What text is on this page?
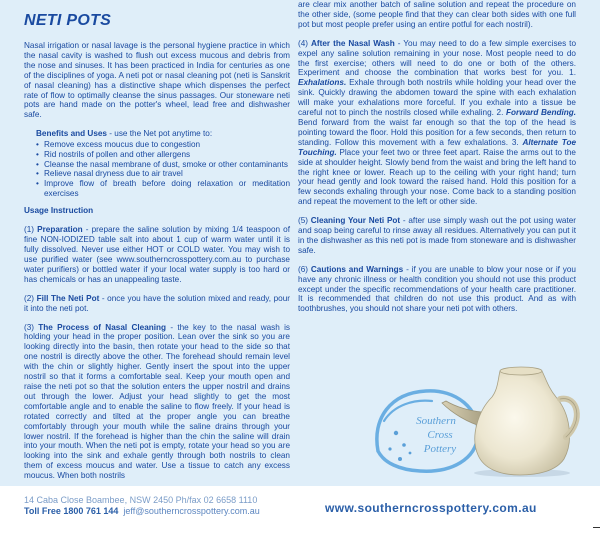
NETI POTS

Nasal irrigation or nasal lavage is the personal hygiene practice in which the nasal cavity is washed to flush out excess mucous and debris from the nose and sinuses. It has been practiced in India for centuries as one of the disciplines of yoga. A neti pot or nasal cleaning pot (neti is Sanskrit of nasal cleaning) has a distinctive shape which dispenses the perfect rate of flow to optimally cleanse the sinus passages. Our stoneware neti pots are hand made on the potter's wheel, lead free and dishwasher safe.

Benefits and Uses - use the Net pot anytime to:
• Remove excess moucus due to congestion
• Rid nostrils of pollen and other allergens
• Cleanse the nasal membrane of dust, smoke or other contaminants
• Relieve nasal dryness due to air travel
• Improve flow of breath before doing relaxation or meditation exercises
Usage Instruction

(1) Preparation - prepare the saline solution by mixing 1/4 teaspoon of fine NON-IODIZED table salt into about 1 cup of warm water until it is fully dissolved. Never use either HOT or COLD water. You may wish to use purified water (see www.southerncrosspottery.com.au to purchase water purifiers) or bottled water if your local water supply is too hard or has chemicals or has an unappealing taste.

(2) Fill The Neti Pot - once you have the solution mixed and ready, pour it into the neti pot.

(3) The Process of Nasal Cleaning - the key to the nasal wash is holding your head in the proper position. Lean over the sink so you are looking directly into the basin, then rotate your head to the side so that one nostril is directly above the other. The forehead should remain level with the chin or slightly higher. Gently insert the spout into the upper nostril so that it forms a comfortable seal. Keep your mouth open and raise the neti pot so that the solution enters the upper nostril and drains out through the lower. Adjust your head slightly to get the most comfortable angle and to enable the saline to flow freely. If your head is rotated correctly and tilted at the proper angle you can breathe comfortably through your mouth while the saline drains through your lower nostril. If the forehead is higher than the chin the saline will drain into your mouth. When the neti pot is empty, rotate your head so you are looking into the sink and exhale gently through both nostrils to clean them of excess moucus and water. Use a tissue to catch any excess moucus. When both nostrils

are clear mix another batch of saline solution and repeat the procedure on the other side, (some people find that they can clear both sides with one full pot but most people prefer using an entire potful for each nostril).

(4) After the Nasal Wash - You may need to do a few simple exercises to expel any saline solution remaining in your nose. Most people need to do the first exercise; others will need to do one or both of the others. Experiment and choose the combination that works best for you. 1. Exhalations. Exhale through both nostrils while holding your head over the sink. Quickly drawing the abdomen toward the spine with each exhalation will make your exhalations more forceful. If you exhale into a tissue be careful not to pinch the nostrils closed while exhaling. 2. Forward Bending. Bend forward from the waist far enough so that the top of the head is pointing toward the floor. Hold this position for a few seconds, then return to standing. Follow this movement with a few exhalations. 3. Alternate Toe Touching. Place your feet two or three feet apart. Raise the arms out to the side at shoulder height. Slowly bend from the waist and bring the left hand to the right knee or lower. Reach up to the ceiling with your right hand; turn your head gently and look toward the raised hand. Hold this position for a few seconds exhaling through your nose. Come back to a standing position and repeat the movement to the left or other side.

(5) Cleaning Your Neti Pot - after use simply wash out the pot using water and soap being careful to rinse away all residues. Alternatively you can put it in the dishwasher as this neti pot is made from stoneware and is dishwasher safe.

(6) Cautions and Warnings - if you are unable to blow your nose or if you have any chronic illness or health condition you should not use this product except under the specific recommendations of your health care practitioner. It is recommended that children do not use this product. And as with toothbrushes, you should not share your neti pot with others.

Southern
Cross
Pottery
14 Caba Close Boambee, NSW 2450 Ph/fax 02 6658 1110
Toll Free 1800 761 144 jeff@southerncrosspottery.com.au	www.southerncrosspottery.com.au
